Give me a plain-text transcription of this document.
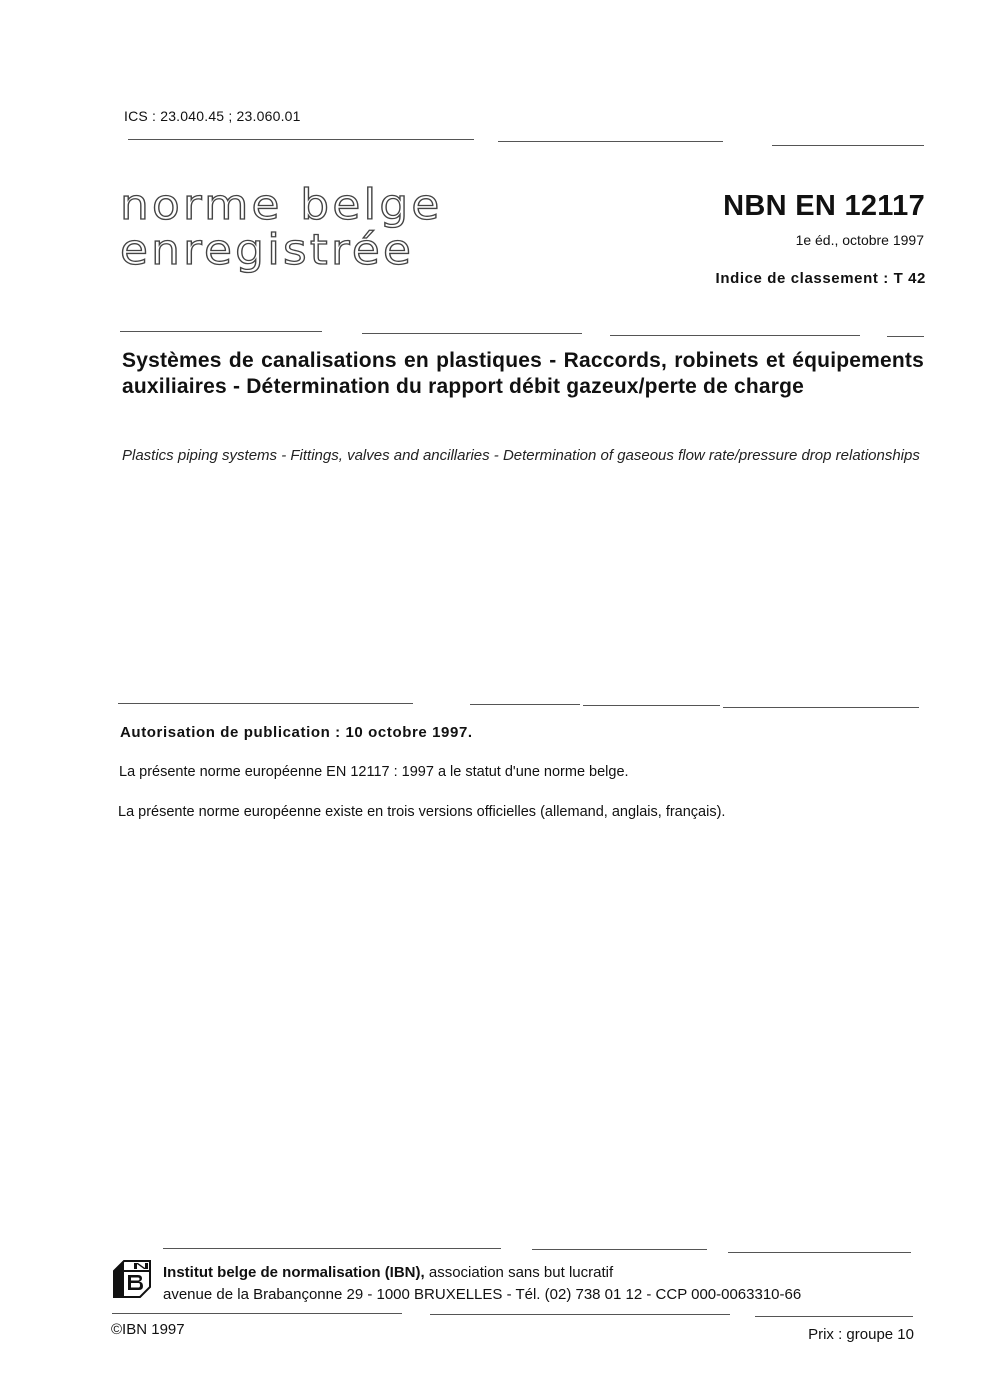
ICS : 23.040.45 ; 23.060.01
norme belge
enregistrée
NBN EN 12117
1e éd., octobre 1997
Indice de classement : T 42
Systèmes de canalisations en plastiques - Raccords, robinets et équipements auxiliaires - Détermination du rapport débit gazeux/perte de charge
Plastics piping systems - Fittings, valves and ancillaries - Determination of gaseous flow rate/pressure drop relationships
Autorisation de publication : 10 octobre 1997.
La présente norme européenne EN 12117 : 1997 a le statut d'une norme belge.
La présente norme européenne existe en trois versions officielles (allemand, anglais, français).
Institut belge de normalisation (IBN), association sans but lucratif
avenue de la Brabançonne 29 - 1000 BRUXELLES - Tél. (02) 738 01 12 - CCP 000-0063310-66
©IBN 1997	Prix : groupe 10
